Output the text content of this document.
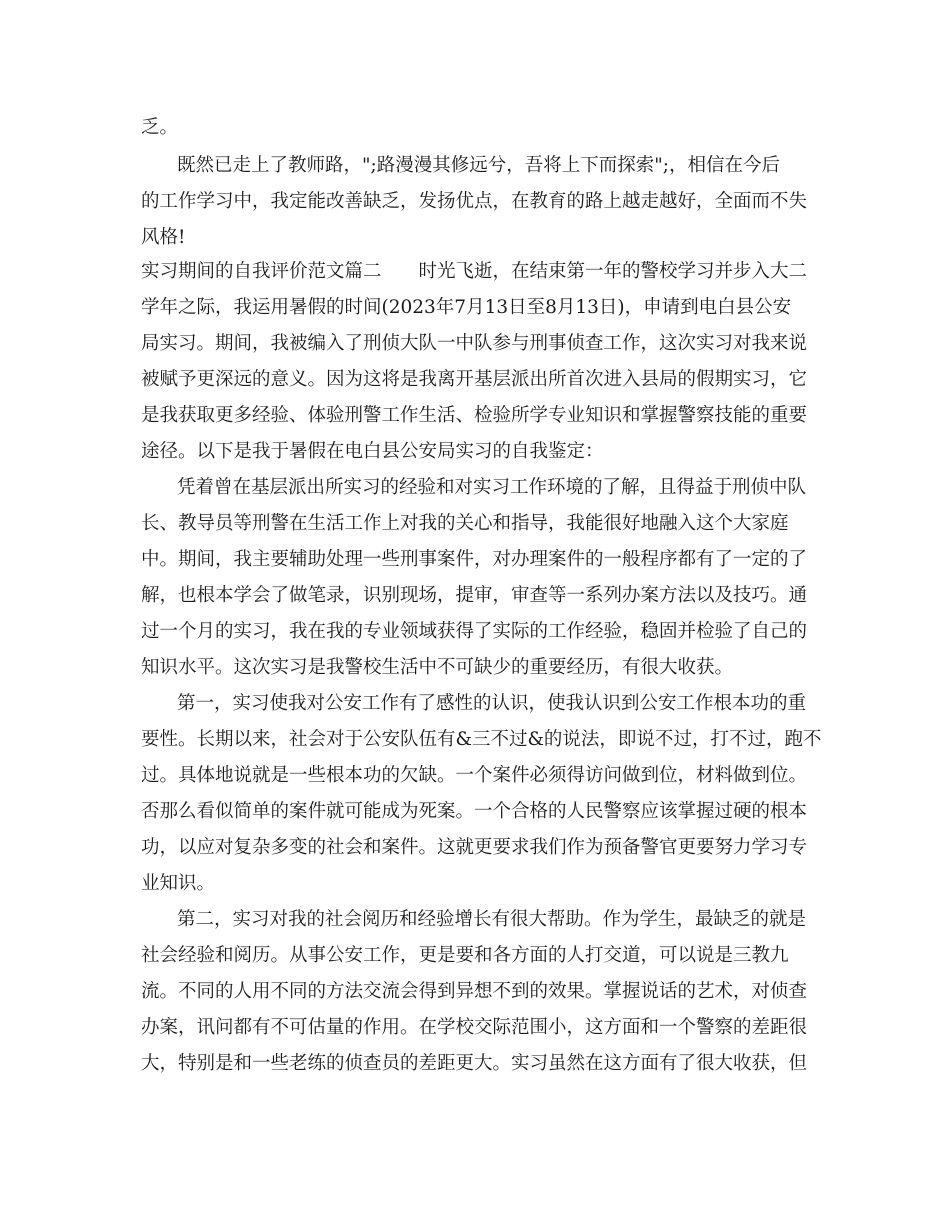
乏。
既然已走上了教师路，";路漫漫其修远兮，吾将上下而探索";，相信在今后
的工作学习中，我定能改善缺乏，发扬优点，在教育的路上越走越好，全面而不失
风格!
实习期间的自我评价范文篇二　　时光飞逝，在结束第一年的警校学习并步入大二
学年之际，我运用暑假的时间(2023年7月13日至8月13日)，申请到电白县公安
局实习。期间，我被编入了刑侦大队一中队参与刑事侦查工作，这次实习对我来说
被赋予更深远的意义。因为这将是我离开基层派出所首次进入县局的假期实习，它
是我获取更多经验、体验刑警工作生活、检验所学专业知识和掌握警察技能的重要
途径。以下是我于暑假在电白县公安局实习的自我鉴定：
凭着曾在基层派出所实习的经验和对实习工作环境的了解，且得益于刑侦中队
长、教导员等刑警在生活工作上对我的关心和指导，我能很好地融入这个大家庭
中。期间，我主要辅助处理一些刑事案件，对办理案件的一般程序都有了一定的了
解，也根本学会了做笔录，识别现场，提审，审查等一系列办案方法以及技巧。通
过一个月的实习，我在我的专业领域获得了实际的工作经验，稳固并检验了自己的
知识水平。这次实习是我警校生活中不可缺少的重要经历，有很大收获。
第一，实习使我对公安工作有了感性的认识，使我认识到公安工作根本功的重
要性。长期以来，社会对于公安队伍有&三不过&的说法，即说不过，打不过，跑不
过。具体地说就是一些根本功的欠缺。一个案件必须得访问做到位，材料做到位。
否那么看似简单的案件就可能成为死案。一个合格的人民警察应该掌握过硬的根本
功，以应对复杂多变的社会和案件。这就更要求我们作为预备警官更要努力学习专
业知识。
第二，实习对我的社会阅历和经验增长有很大帮助。作为学生，最缺乏的就是
社会经验和阅历。从事公安工作，更是要和各方面的人打交道，可以说是三教九
流。不同的人用不同的方法交流会得到异想不到的效果。掌握说话的艺术，对侦查
办案，讯问都有不可估量的作用。在学校交际范围小，这方面和一个警察的差距很
大，特别是和一些老练的侦查员的差距更大。实习虽然在这方面有了很大收获，但
